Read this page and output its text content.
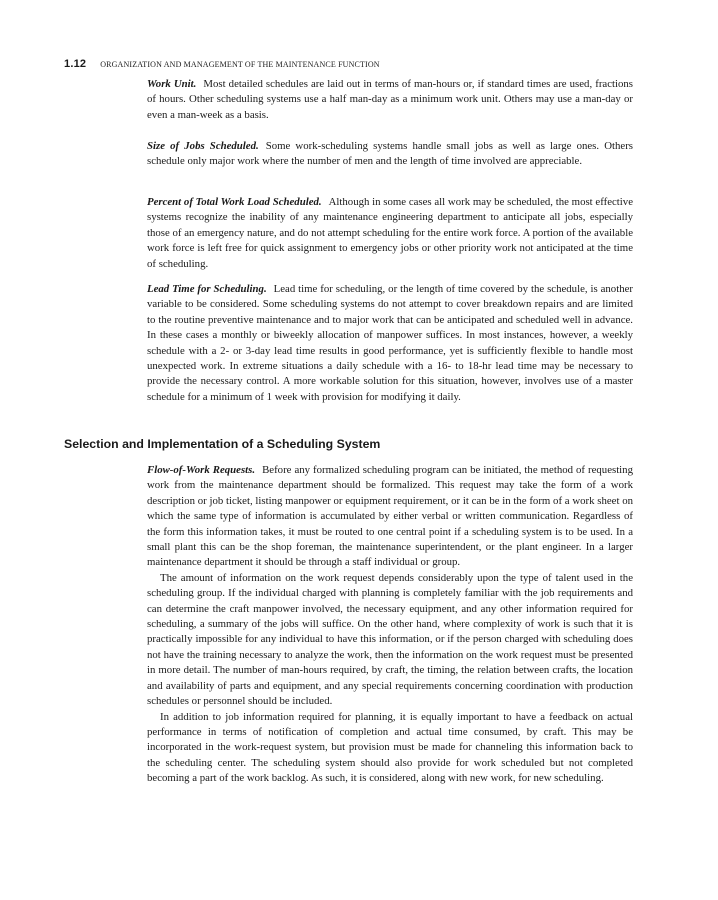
1.12 ORGANIZATION AND MANAGEMENT OF THE MAINTENANCE FUNCTION

Work Unit. Most detailed schedules are laid out in terms of man-hours or, if standard times are used, fractions of hours. Other scheduling systems use a half man-day as a minimum work unit. Others may use a man-day or even a man-week as a basis.

Size of Jobs Scheduled. Some work-scheduling systems handle small jobs as well as large ones. Others schedule only major work where the number of men and the length of time involved are appreciable.

Percent of Total Work Load Scheduled. Although in some cases all work may be scheduled, the most effective systems recognize the inability of any maintenance engineering department to anticipate all jobs, especially those of an emergency nature, and do not attempt scheduling for the entire work force. A portion of the available work force is left free for quick assignment to emergency jobs or other priority work not anticipated at the time of scheduling.

Lead Time for Scheduling. Lead time for scheduling, or the length of time covered by the schedule, is another variable to be considered. Some scheduling systems do not attempt to cover breakdown repairs and are limited to the routine preventive maintenance and to major work that can be anticipated and scheduled well in advance. In these cases a monthly or biweekly allocation of manpower suffices. In most instances, however, a weekly schedule with a 2- or 3-day lead time results in good performance, yet is sufficiently flexible to handle most unexpected work. In extreme situations a daily schedule with a 16- to 18-hr lead time may be necessary to provide the necessary control. A more workable solution for this situation, however, involves use of a master schedule for a minimum of 1 week with provision for modifying it daily.

Selection and Implementation of a Scheduling System

Flow-of-Work Requests. Before any formalized scheduling program can be initiated, the method of requesting work from the maintenance department should be formalized. This request may take the form of a work description or job ticket, listing manpower or equipment requirement, or it can be in the form of a work sheet on which the same type of information is accumulated by either verbal or written communication. Regardless of the form this information takes, it must be routed to one central point if a scheduling system is to be used. In a small plant this can be the shop foreman, the maintenance superintendent, or the plant engineer. In a larger maintenance department it should be through a staff individual or group.

The amount of information on the work request depends considerably upon the type of talent used in the scheduling group. If the individual charged with planning is completely familiar with the job requirements and can determine the craft manpower involved, the necessary equipment, and any other information required for scheduling, a summary of the jobs will suffice. On the other hand, where complexity of work is such that it is practically impossible for any individual to have this information, or if the person charged with scheduling does not have the training necessary to analyze the work, then the information on the work request must be presented in more detail. The number of man-hours required, by craft, the timing, the relation between crafts, the location and availability of parts and equipment, and any special requirements concerning coordination with production schedules or personnel should be included.

In addition to job information required for planning, it is equally important to have a feedback on actual performance in terms of notification of completion and actual time consumed, by craft. This may be incorporated in the work-request system, but provision must be made for channeling this information back to the scheduling center. The scheduling system should also provide for work scheduled but not completed becoming a part of the work backlog. As such, it is considered, along with new work, for new scheduling.
